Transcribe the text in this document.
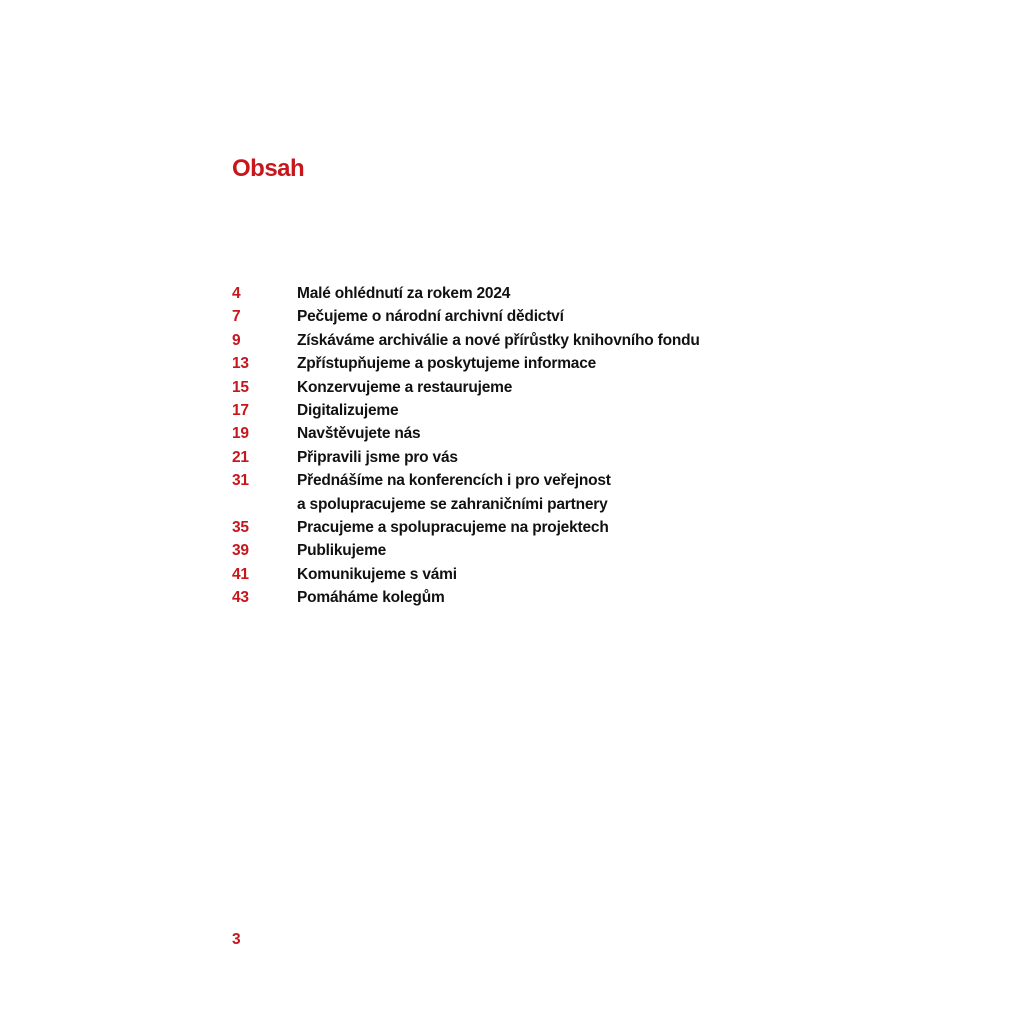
Obsah
4	Malé ohlédnutí za rokem 2024
7	Pečujeme o národní archivní dědictví
9	Získáváme archiválie a nové přírůstky knihovního fondu
13	Zpřístupňujeme a poskytujeme informace
15	Konzervujeme a restaurujeme
17	Digitalizujeme
19	Navštěvujete nás
21	Připravili jsme pro vás
31	Přednášíme na konferencích i pro veřejnost
a spolupracujeme se zahraničními partnery
35	Pracujeme a spolupracujeme na projektech
39	Publikujeme
41	Komunikujeme s vámi
43	Pomáháme kolegům

3
